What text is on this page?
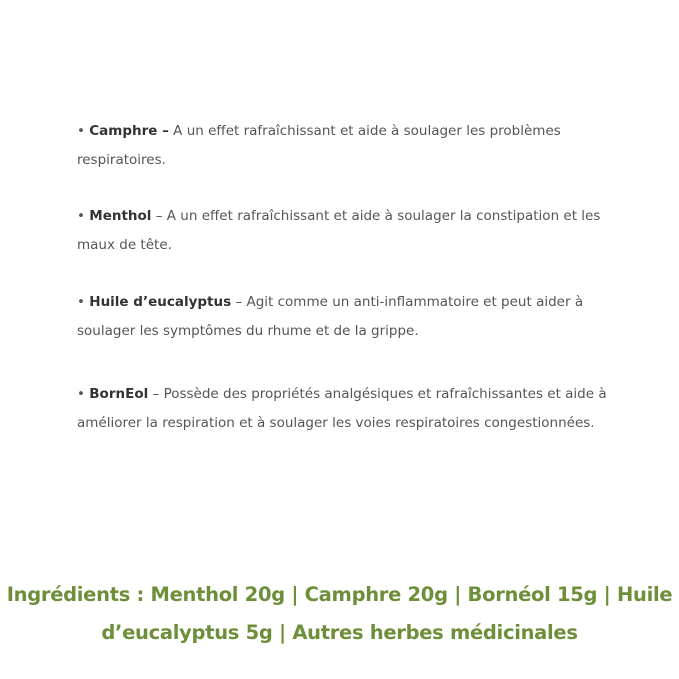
• Camphre – A un effet rafraîchissant et aide à soulager les problèmes respiratoires.

• Menthol – A un effet rafraîchissant et aide à soulager la constipation et les maux de tête.

• Huile d’eucalyptus – Agit comme un anti-inflammatoire et peut aider à soulager les symptômes du rhume et de la grippe.

• BornEol – Possède des propriétés analgésiques et rafraîchissantes et aide à améliorer la respiration et à soulager les voies respiratoires congestionnées.

Ingrédients : Menthol 20g | Camphre 20g | Bornéol 15g | Huile d’eucalyptus 5g | Autres herbes médicinales
